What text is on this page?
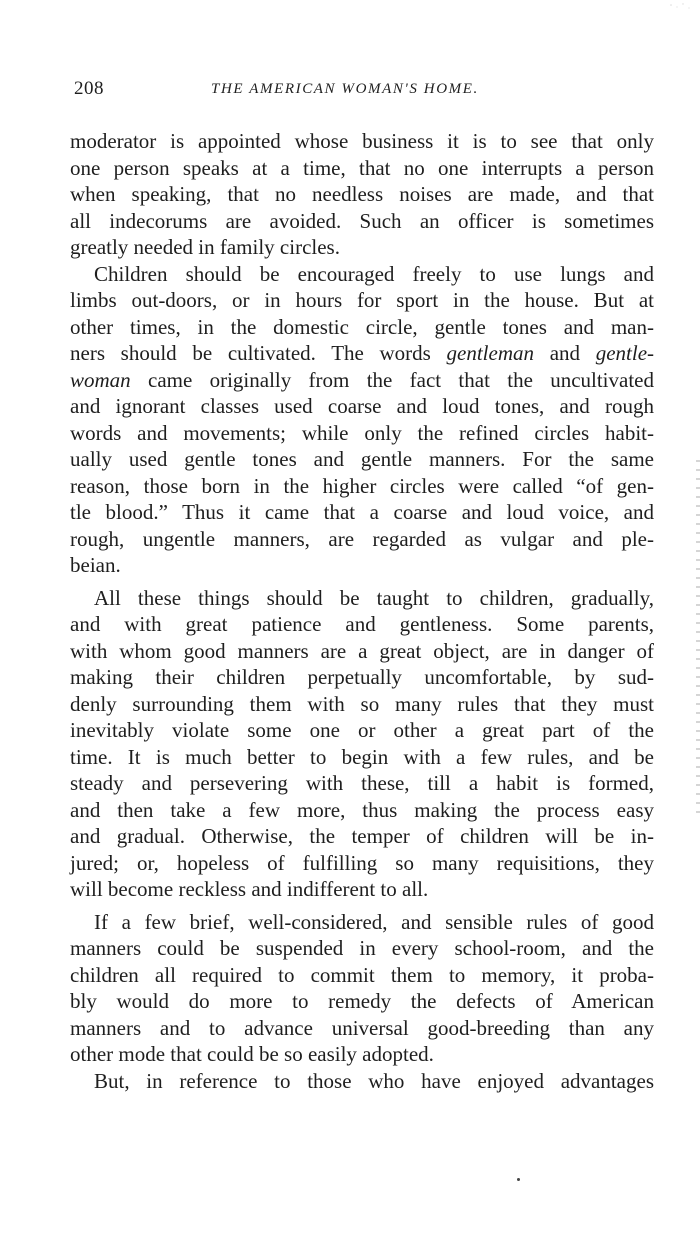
208	THE AMERICAN WOMAN'S HOME.
moderator is appointed whose business it is to see that only
one person speaks at a time, that no one interrupts a person
when speaking, that no needless noises are made, and that
all indecorums are avoided. Such an officer is sometimes
greatly needed in family circles.
Children should be encouraged freely to use lungs and
limbs out-doors, or in hours for sport in the house. But at
other times, in the domestic circle, gentle tones and man-
ners should be cultivated. The words gentleman and gentle-
woman came originally from the fact that the uncultivated
and ignorant classes used coarse and loud tones, and rough
words and movements; while only the refined circles habit-
ually used gentle tones and gentle manners. For the same
reason, those born in the higher circles were called “of gen-
tle blood.” Thus it came that a coarse and loud voice, and
rough, ungentle manners, are regarded as vulgar and ple-
beian.
All these things should be taught to children, gradually,
and with great patience and gentleness. Some parents,
with whom good manners are a great object, are in danger of
making their children perpetually uncomfortable, by sud-
denly surrounding them with so many rules that they must
inevitably violate some one or other a great part of the
time. It is much better to begin with a few rules, and be
steady and persevering with these, till a habit is formed,
and then take a few more, thus making the process easy
and gradual. Otherwise, the temper of children will be in-
jured; or, hopeless of fulfilling so many requisitions, they
will become reckless and indifferent to all.
If a few brief, well-considered, and sensible rules of good
manners could be suspended in every school-room, and the
children all required to commit them to memory, it proba-
bly would do more to remedy the defects of American
manners and to advance universal good-breeding than any
other mode that could be so easily adopted.
But, in reference to those who have enjoyed advantages
